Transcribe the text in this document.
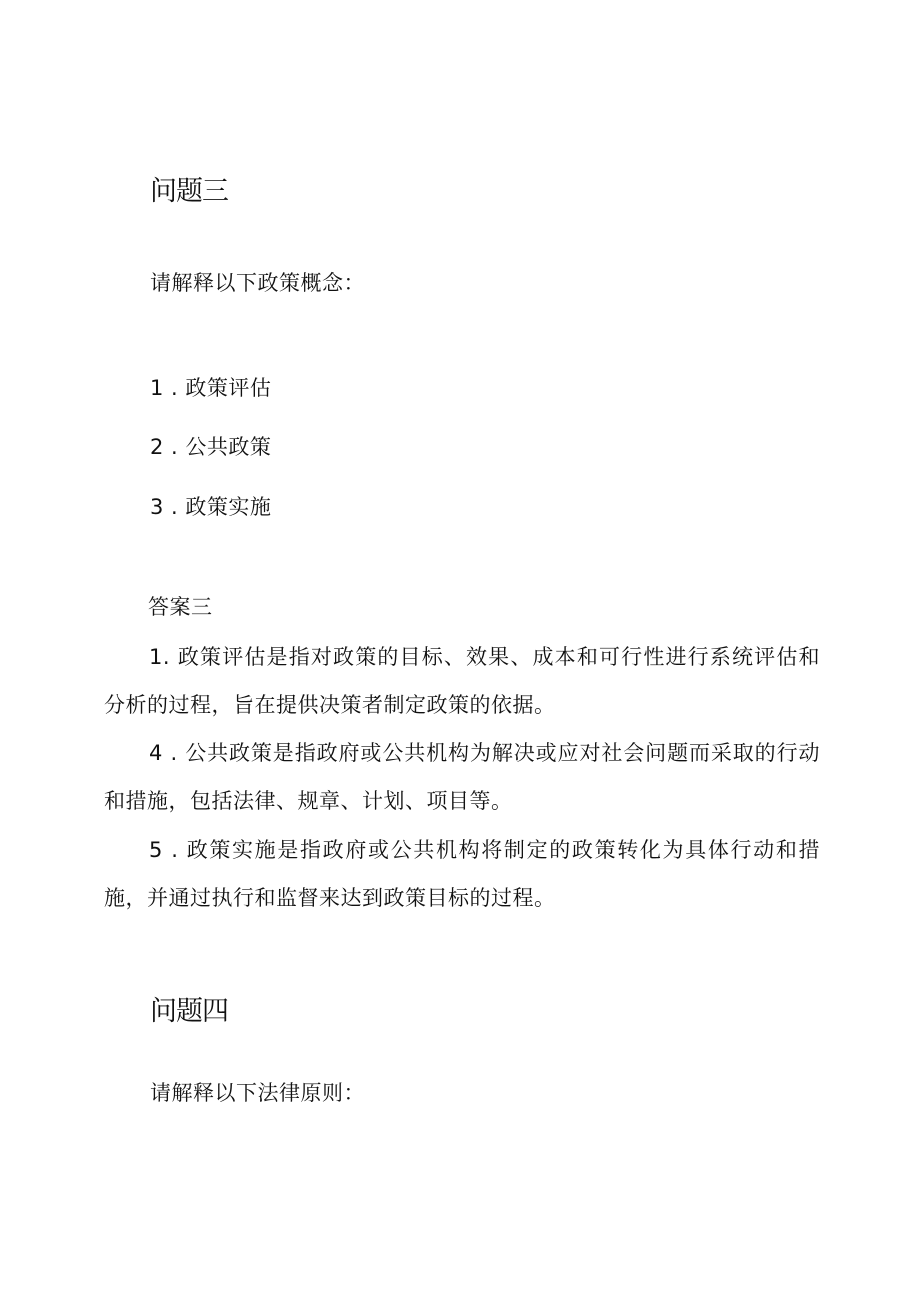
问题三

请解释以下政策概念：

1 . 政策评估

2 . 公共政策

3 . 政策实施

答案三

1. 政策评估是指对政策的目标、效果、成本和可行性进行系统评估和分析的过程，旨在提供决策者制定政策的依据。

4 . 公共政策是指政府或公共机构为解决或应对社会问题而采取的行动和措施，包括法律、规章、计划、项目等。

5 . 政策实施是指政府或公共机构将制定的政策转化为具体行动和措施，并通过执行和监督来达到政策目标的过程。

问题四

请解释以下法律原则：
